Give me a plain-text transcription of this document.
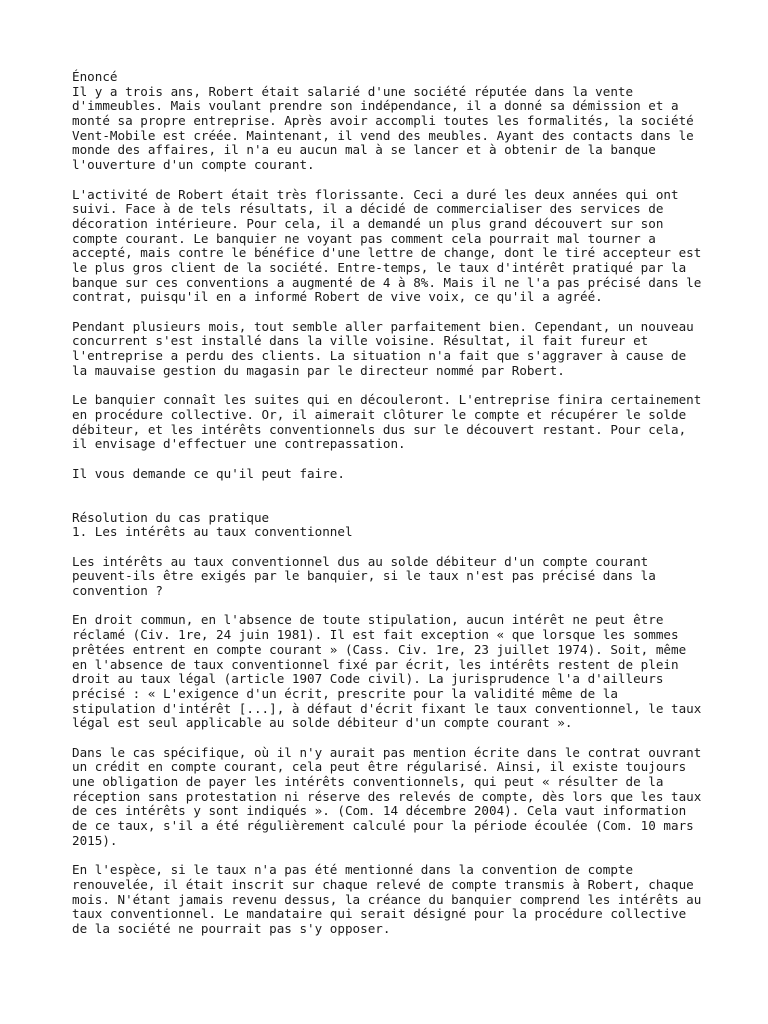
Énoncé
Il y a trois ans, Robert était salarié d'une société réputée dans la vente
d'immeubles. Mais voulant prendre son indépendance, il a donné sa démission et a
monté sa propre entreprise. Après avoir accompli toutes les formalités, la société
Vent-Mobile est créée. Maintenant, il vend des meubles. Ayant des contacts dans le
monde des affaires, il n'a eu aucun mal à se lancer et à obtenir de la banque
l'ouverture d'un compte courant.
L'activité de Robert était très florissante. Ceci a duré les deux années qui ont
suivi. Face à de tels résultats, il a décidé de commercialiser des services de
décoration intérieure. Pour cela, il a demandé un plus grand découvert sur son
compte courant. Le banquier ne voyant pas comment cela pourrait mal tourner a
accepté, mais contre le bénéfice d'une lettre de change, dont le tiré accepteur est
le plus gros client de la société. Entre-temps, le taux d'intérêt pratiqué par la
banque sur ces conventions a augmenté de 4 à 8%. Mais il ne l'a pas précisé dans le
contrat, puisqu'il en a informé Robert de vive voix, ce qu'il a agréé.
Pendant plusieurs mois, tout semble aller parfaitement bien. Cependant, un nouveau
concurrent s'est installé dans la ville voisine. Résultat, il fait fureur et
l'entreprise a perdu des clients. La situation n'a fait que s'aggraver à cause de
la mauvaise gestion du magasin par le directeur nommé par Robert.
Le banquier connaît les suites qui en découleront. L'entreprise finira certainement
en procédure collective. Or, il aimerait clôturer le compte et récupérer le solde
débiteur, et les intérêts conventionnels dus sur le découvert restant. Pour cela,
il envisage d'effectuer une contrepassation.
Il vous demande ce qu'il peut faire.
Résolution du cas pratique
1. Les intérêts au taux conventionnel
Les intérêts au taux conventionnel dus au solde débiteur d'un compte courant
peuvent-ils être exigés par le banquier, si le taux n'est pas précisé dans la
convention ?
En droit commun, en l'absence de toute stipulation, aucun intérêt ne peut être
réclamé (Civ. 1re, 24 juin 1981). Il est fait exception « que lorsque les sommes
prêtées entrent en compte courant » (Cass. Civ. 1re, 23 juillet 1974). Soit, même
en l'absence de taux conventionnel fixé par écrit, les intérêts restent de plein
droit au taux légal (article 1907 Code civil). La jurisprudence l'a d'ailleurs
précisé : « L'exigence d'un écrit, prescrite pour la validité même de la
stipulation d'intérêt [...], à défaut d'écrit fixant le taux conventionnel, le taux
légal est seul applicable au solde débiteur d'un compte courant ».
Dans le cas spécifique, où il n'y aurait pas mention écrite dans le contrat ouvrant
un crédit en compte courant, cela peut être régularisé. Ainsi, il existe toujours
une obligation de payer les intérêts conventionnels, qui peut « résulter de la
réception sans protestation ni réserve des relevés de compte, dès lors que les taux
de ces intérêts y sont indiqués ». (Com. 14 décembre 2004). Cela vaut information
de ce taux, s'il a été régulièrement calculé pour la période écoulée (Com. 10 mars
2015).
En l'espèce, si le taux n'a pas été mentionné dans la convention de compte
renouvelée, il était inscrit sur chaque relevé de compte transmis à Robert, chaque
mois. N'étant jamais revenu dessus, la créance du banquier comprend les intérêts au
taux conventionnel. Le mandataire qui serait désigné pour la procédure collective
de la société ne pourrait pas s'y opposer.
